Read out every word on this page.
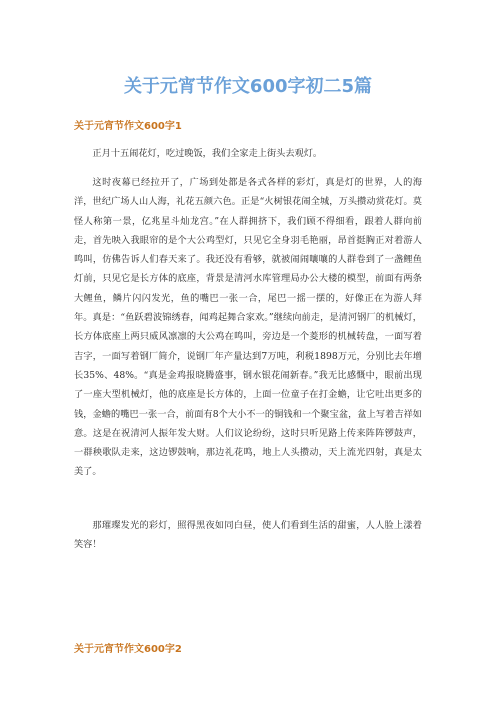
关于元宵节作文600字初二5篇
关于元宵节作文600字1

正月十五闹花灯，吃过晚饭，我们全家走上街头去观灯。

这时夜幕已经拉开了，广场到处都是各式各样的彩灯，真是灯的世界，人的海洋，世纪广场人山人海，礼花五颜六色。正是“火树银花闹全城，万头攒动赏花灯。莫怪人称第一景，亿兆星斗灿龙宫。”在人群拥挤下，我们顾不得细看，跟着人群向前走，首先映入我眼帘的是个大公鸡型灯，只见它全身羽毛艳丽，昂首挺胸正对着游人鸣叫，仿佛告诉人们春天来了。我还没有看够，就被闹闹嚷嚷的人群卷到了一盏鲤鱼灯前，只见它是长方体的底座，背景是清河水库管理局办公大楼的模型，前面有两条大鲤鱼，鳞片闪闪发光，鱼的嘴巴一张一合，尾巴一摇一摆的，好像正在为游人拜年。真是：“鱼跃碧波锦绣春，闻鸡起舞合家欢。”继续向前走，是清河钢厂的机械灯，长方体底座上两只威风凛凛的大公鸡在鸣叫，旁边是一个菱形的机械转盘，一面写着吉字，一面写着钢厂简介，说钢厂年产量达到7万吨，利税1898万元，分别比去年增长35%、48%。“真是金鸡报晓腾盛事，钢水银花闹新春。”我无比感慨中，眼前出现了一座大型机械灯，他的底座是长方体的，上面一位童子在打金蟾，让它吐出更多的钱，金蟾的嘴巴一张一合，前面有8个大小不一的铜钱和一个聚宝盆，盆上写着吉祥如意。这是在祝清河人振年发大财。人们议论纷纷，这时只听见路上传来阵阵锣鼓声，一群秧歌队走来，这边锣鼓响，那边礼花鸣，地上人头攒动，天上流光四射，真是太美了。

那璀璨发光的彩灯，照得黑夜如同白昼，使人们看到生活的甜蜜，人人脸上漾着笑容！

关于元宵节作文600字2
